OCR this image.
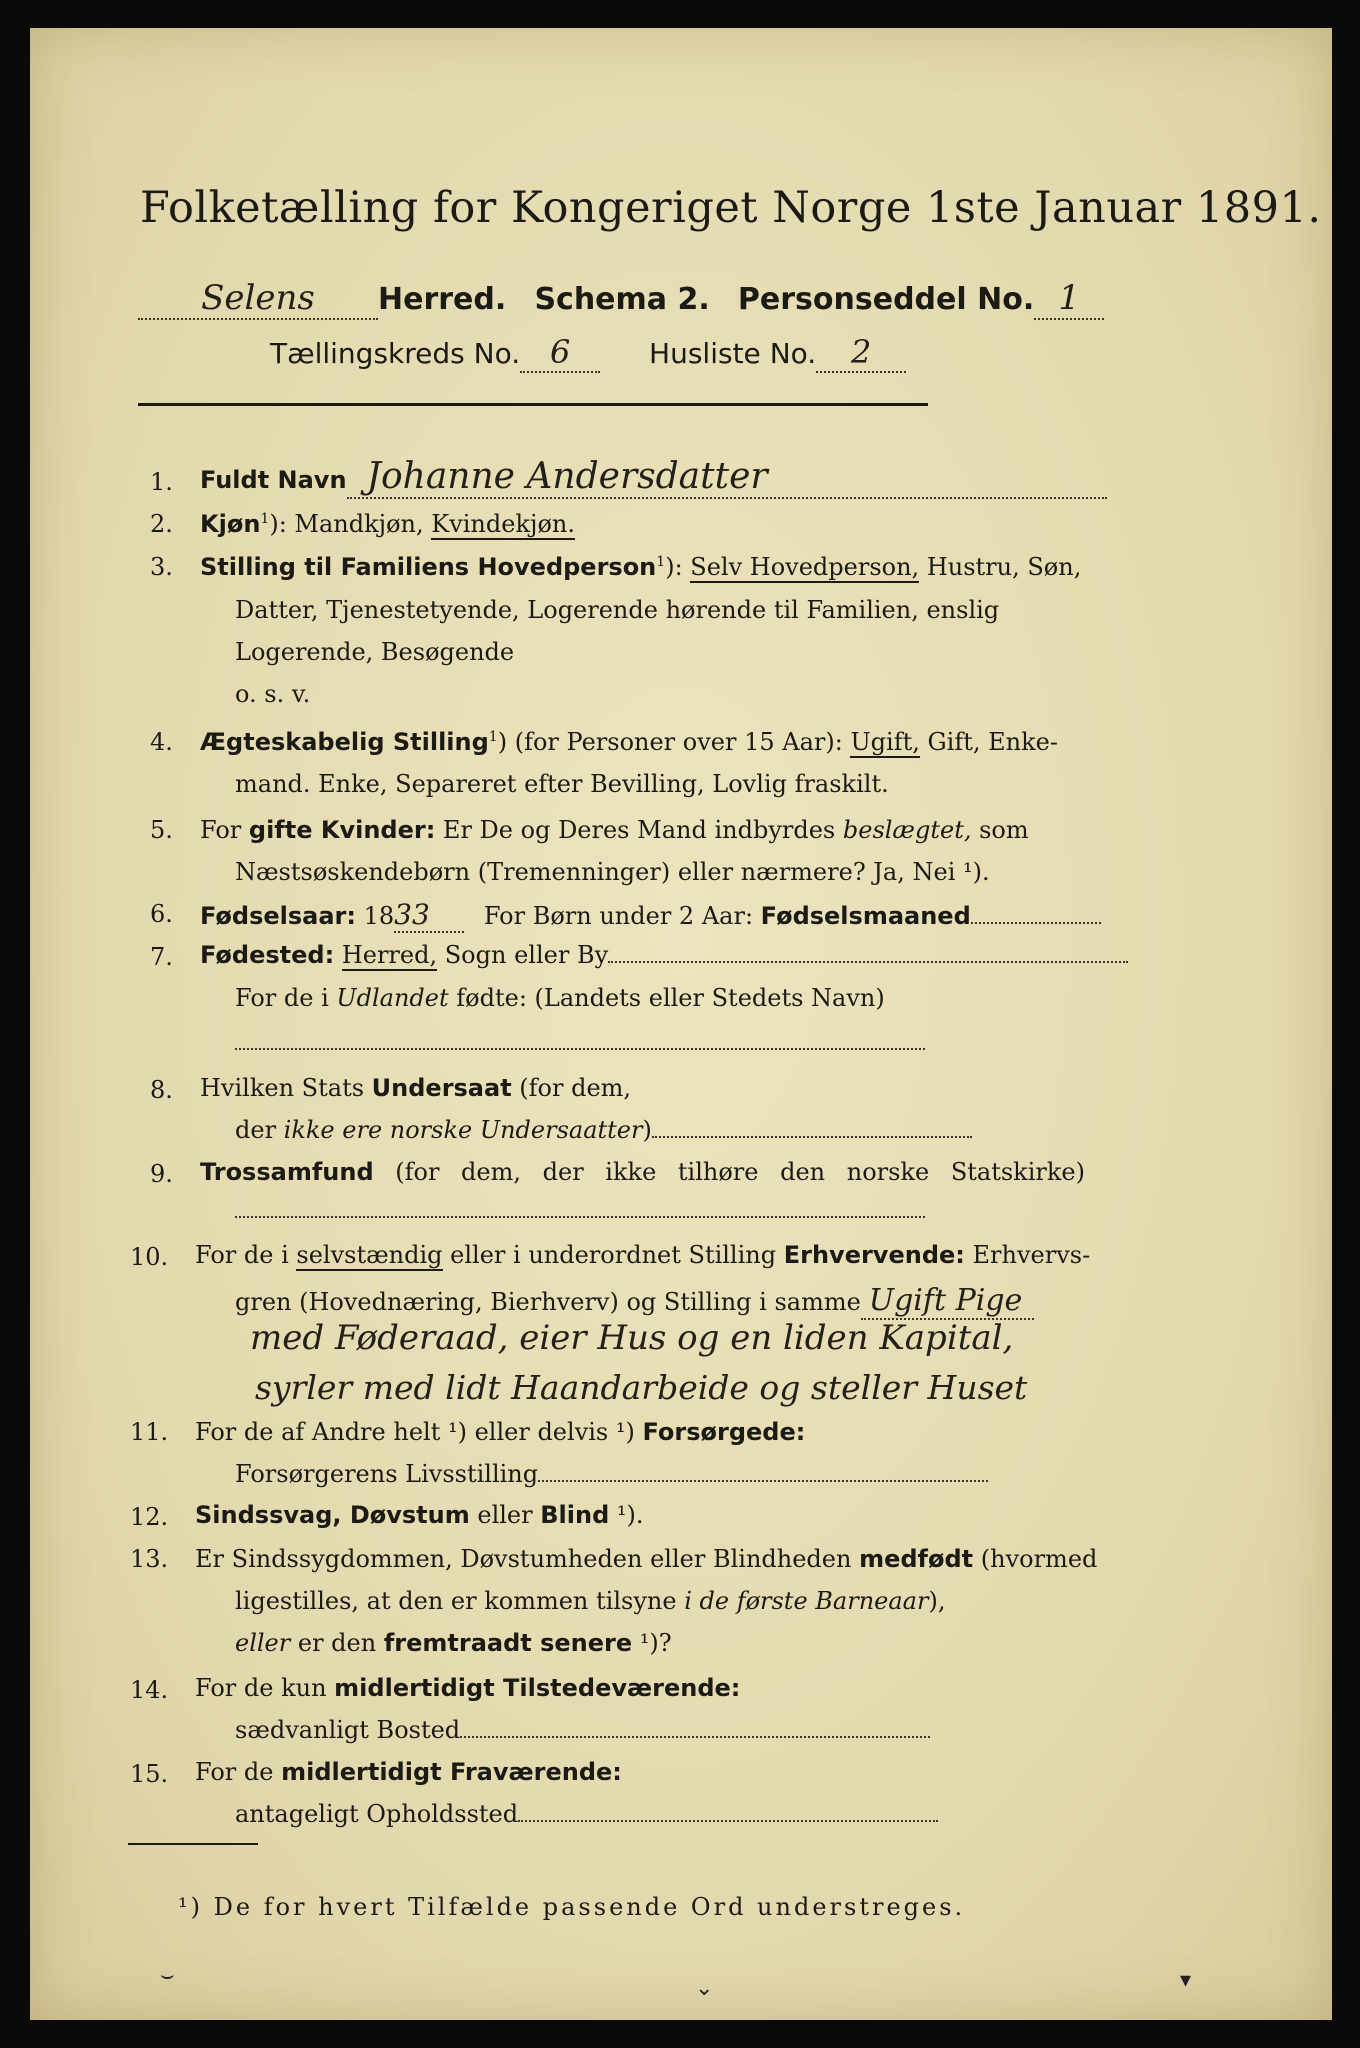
Folketælling for Kongeriget Norge 1ste Januar 1891.
Selens Herred. Schema 2. Personseddel No. 1
Tællingskreds No. 6	Husliste No. 2
1. Fuldt Navn Johanne Andersdatter
2. Kjøn$^1$): Mandkjøn, Kvindekjøn.
3. Stilling til Familiens Hovedperson$^1$): Selv Hovedperson, Hustru, Søn,
Datter, Tjenestetyende, Logerende hørende til Familien, enslig
Logerende, Besøgende
o. s. v.
4. Ægteskabelig Stilling$^1$) (for Personer over 15 Aar): Ugift, Gift, Enke-
mand. Enke, Separeret efter Bevilling, Lovlig fraskilt.
5. For gifte Kvinder: Er De og Deres Mand indbyrdes beslægtet, som
Næstsøskendebørn (Tremenninger) eller nærmere? Ja, Nei ¹).
6. Fødselsaar: 1833 For Børn under 2 Aar: Fødselsmaaned
7. Fødested: Herred, Sogn eller By
For de i Udlandet fødte: (Landets eller Stedets Navn)
8. Hvilken Stats Undersaat (for dem,
der ikke ere norske Undersaatter)
9. Trossamfund (for dem, der ikke tilhøre den norske Statskirke)
10. For de i selvstændig eller i underordnet Stilling Erhvervende: Erhvervs-
gren (Hovednæring, Bierhverv) og Stilling i samme Ugift Pige
med Føderaad, eier Hus og en liden Kapital,
syrler med lidt Haandarbeide og steller Huset
11. For de af Andre helt ¹) eller delvis ¹) Forsørgede:
Forsørgerens Livsstilling
12. Sindssvag, Døvstum eller Blind ¹).
13. Er Sindssygdommen, Døvstumheden eller Blindheden medfødt (hvormed
ligestilles, at den er kommen tilsyne i de første Barneaar),
eller er den fremtraadt senere ¹)?
14. For de kun midlertidigt Tilstedeværende:
sædvanligt Bosted
15. For de midlertidigt Fraværende:
antageligt Opholdssted
¹) De for hvert Tilfælde passende Ord understreges.
⌣
⌄	▾
